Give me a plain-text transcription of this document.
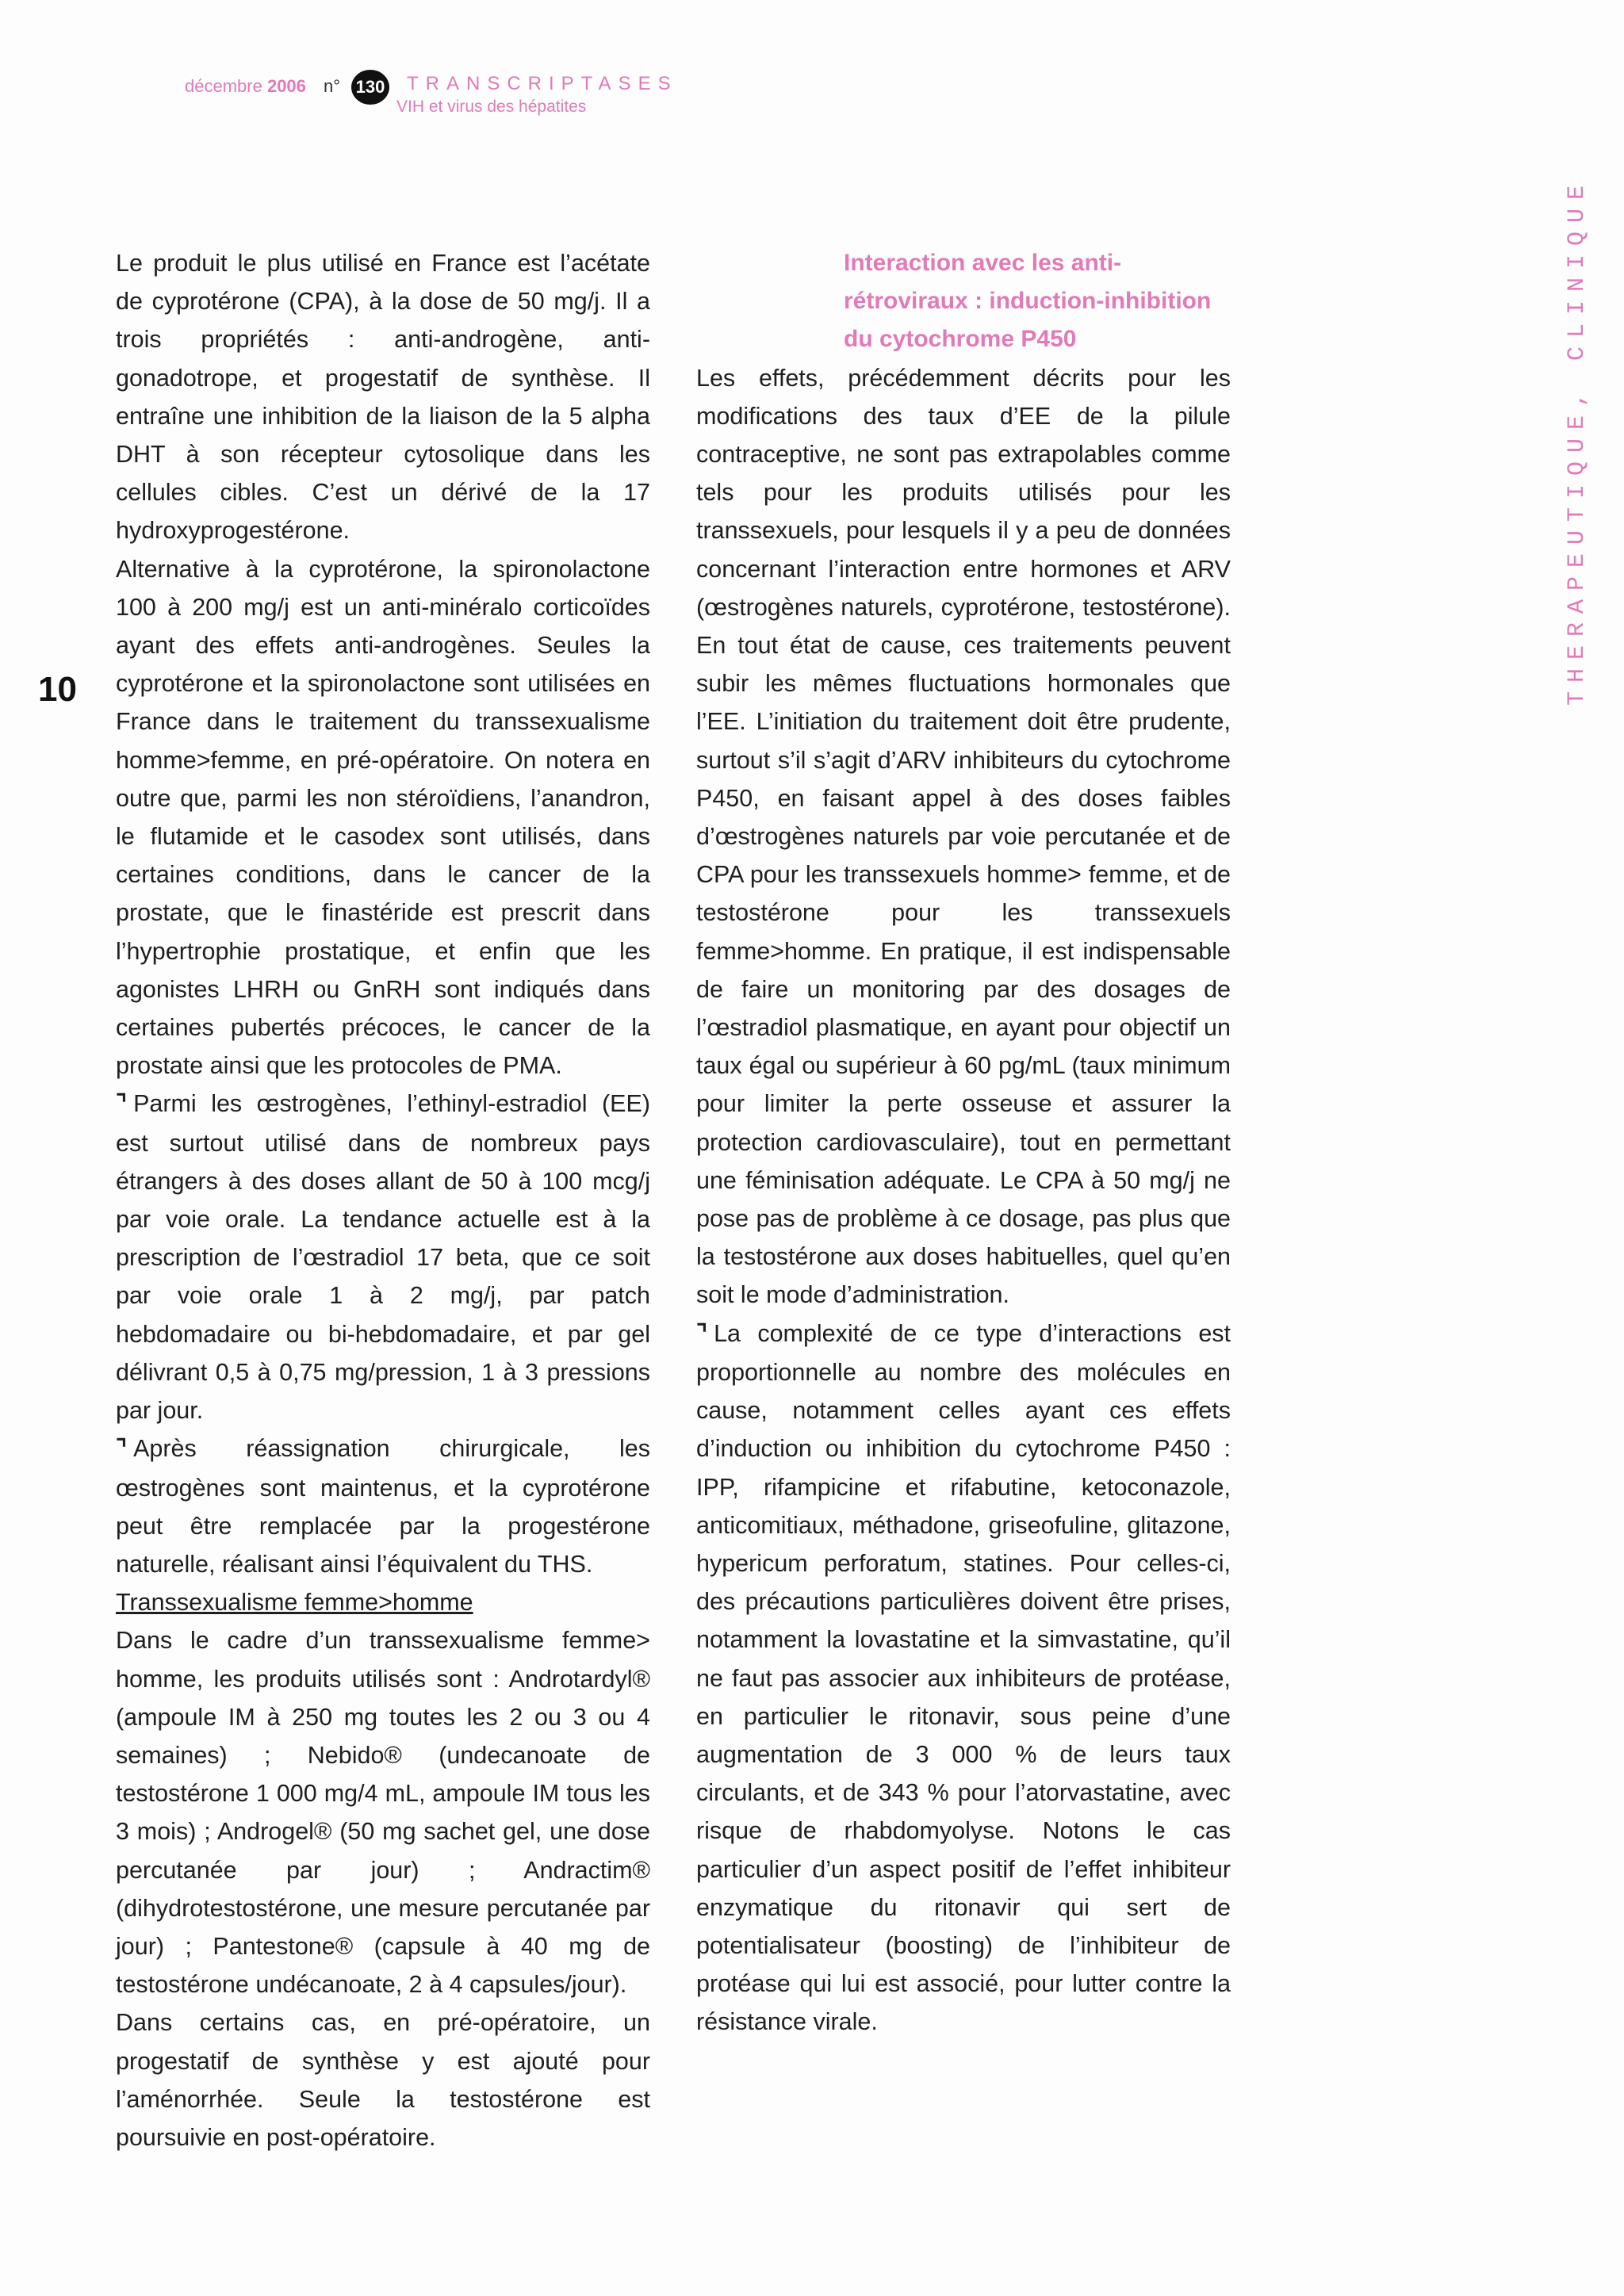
décembre 2006 n° 130 TRANSCRIPTASES
VIH et virus des hépatites
10	THERAPEUTIQUE, CLINIQUE

Le produit le plus utilisé en France est l’acétate de cyprotérone (CPA), à la dose de 50 mg/j. Il a trois propriétés : anti-androgène, anti-gonadotrope, et progestatif de synthèse. Il entraîne une inhibition de la liaison de la 5 alpha DHT à son récepteur cytosolique dans les cellules cibles. C’est un dérivé de la 17 hydroxyprogestérone.

Alternative à la cyprotérone, la spironolactone 100 à 200 mg/j est un anti-minéralo corticoïdes ayant des effets anti-androgènes. Seules la cyprotérone et la spironolactone sont utilisées en France dans le traitement du transsexualisme homme>femme, en pré-opératoire. On notera en outre que, parmi les non stéroïdiens, l’anandron, le flutamide et le casodex sont utilisés, dans certaines conditions, dans le cancer de la prostate, que le finastéride est prescrit dans l’hypertrophie prostatique, et enfin que les agonistes LHRH ou GnRH sont indiqués dans certaines pubertés précoces, le cancer de la prostate ainsi que les protocoles de PMA.

⌝ Parmi les œstrogènes, l’ethinyl-estradiol (EE) est surtout utilisé dans de nombreux pays étrangers à des doses allant de 50 à 100 mcg/j par voie orale. La tendance actuelle est à la prescription de l’œstradiol 17 beta, que ce soit par voie orale 1 à 2 mg/j, par patch hebdomadaire ou bi-hebdomadaire, et par gel délivrant 0,5 à 0,75 mg/pression, 1 à 3 pressions par jour.

⌝ Après réassignation chirurgicale, les œstrogènes sont maintenus, et la cyprotérone peut être remplacée par la progestérone naturelle, réalisant ainsi l’équivalent du THS.

Transsexualisme femme>homme

Dans le cadre d’un transsexualisme femme> homme, les produits utilisés sont : Androtardyl® (ampoule IM à 250 mg toutes les 2 ou 3 ou 4 semaines) ; Nebido® (undecanoate de testostérone 1 000 mg/4 mL, ampoule IM tous les 3 mois) ; Androgel® (50 mg sachet gel, une dose percutanée par jour) ; Andractim® (dihydrotestostérone, une mesure percutanée par jour) ; Pantestone® (capsule à 40 mg de testostérone undécanoate, 2 à 4 capsules/jour).

Dans certains cas, en pré-opératoire, un progestatif de synthèse y est ajouté pour l’aménorrhée. Seule la testostérone est poursuivie en post-opératoire.

Interaction avec les anti-rétroviraux : induction-inhibition du cytochrome P450

Les effets, précédemment décrits pour les modifications des taux d’EE de la pilule contraceptive, ne sont pas extrapolables comme tels pour les produits utilisés pour les transsexuels, pour lesquels il y a peu de données concernant l’interaction entre hormones et ARV (œstrogènes naturels, cyprotérone, testostérone). En tout état de cause, ces traitements peuvent subir les mêmes fluctuations hormonales que l’EE. L’initiation du traitement doit être prudente, surtout s’il s’agit d’ARV inhibiteurs du cytochrome P450, en faisant appel à des doses faibles d’œstrogènes naturels par voie percutanée et de CPA pour les transsexuels homme> femme, et de testostérone pour les transsexuels femme>homme. En pratique, il est indispensable de faire un monitoring par des dosages de l’œstradiol plasmatique, en ayant pour objectif un taux égal ou supérieur à 60 pg/mL (taux minimum pour limiter la perte osseuse et assurer la protection cardiovasculaire), tout en permettant une féminisation adéquate. Le CPA à 50 mg/j ne pose pas de problème à ce dosage, pas plus que la testostérone aux doses habituelles, quel qu’en soit le mode d’administration.

⌝ La complexité de ce type d’interactions est proportionnelle au nombre des molécules en cause, notamment celles ayant ces effets d’induction ou inhibition du cytochrome P450 : IPP, rifampicine et rifabutine, ketoconazole, anticomitiaux, méthadone, griseofuline, glitazone, hypericum perforatum, statines. Pour celles-ci, des précautions particulières doivent être prises, notamment la lovastatine et la simvastatine, qu’il ne faut pas associer aux inhibiteurs de protéase, en particulier le ritonavir, sous peine d’une augmentation de 3 000 % de leurs taux circulants, et de 343 % pour l’atorvastatine, avec risque de rhabdomyolyse. Notons le cas particulier d’un aspect positif de l’effet inhibiteur enzymatique du ritonavir qui sert de potentialisateur (boosting) de l’inhibiteur de protéase qui lui est associé, pour lutter contre la résistance virale.
